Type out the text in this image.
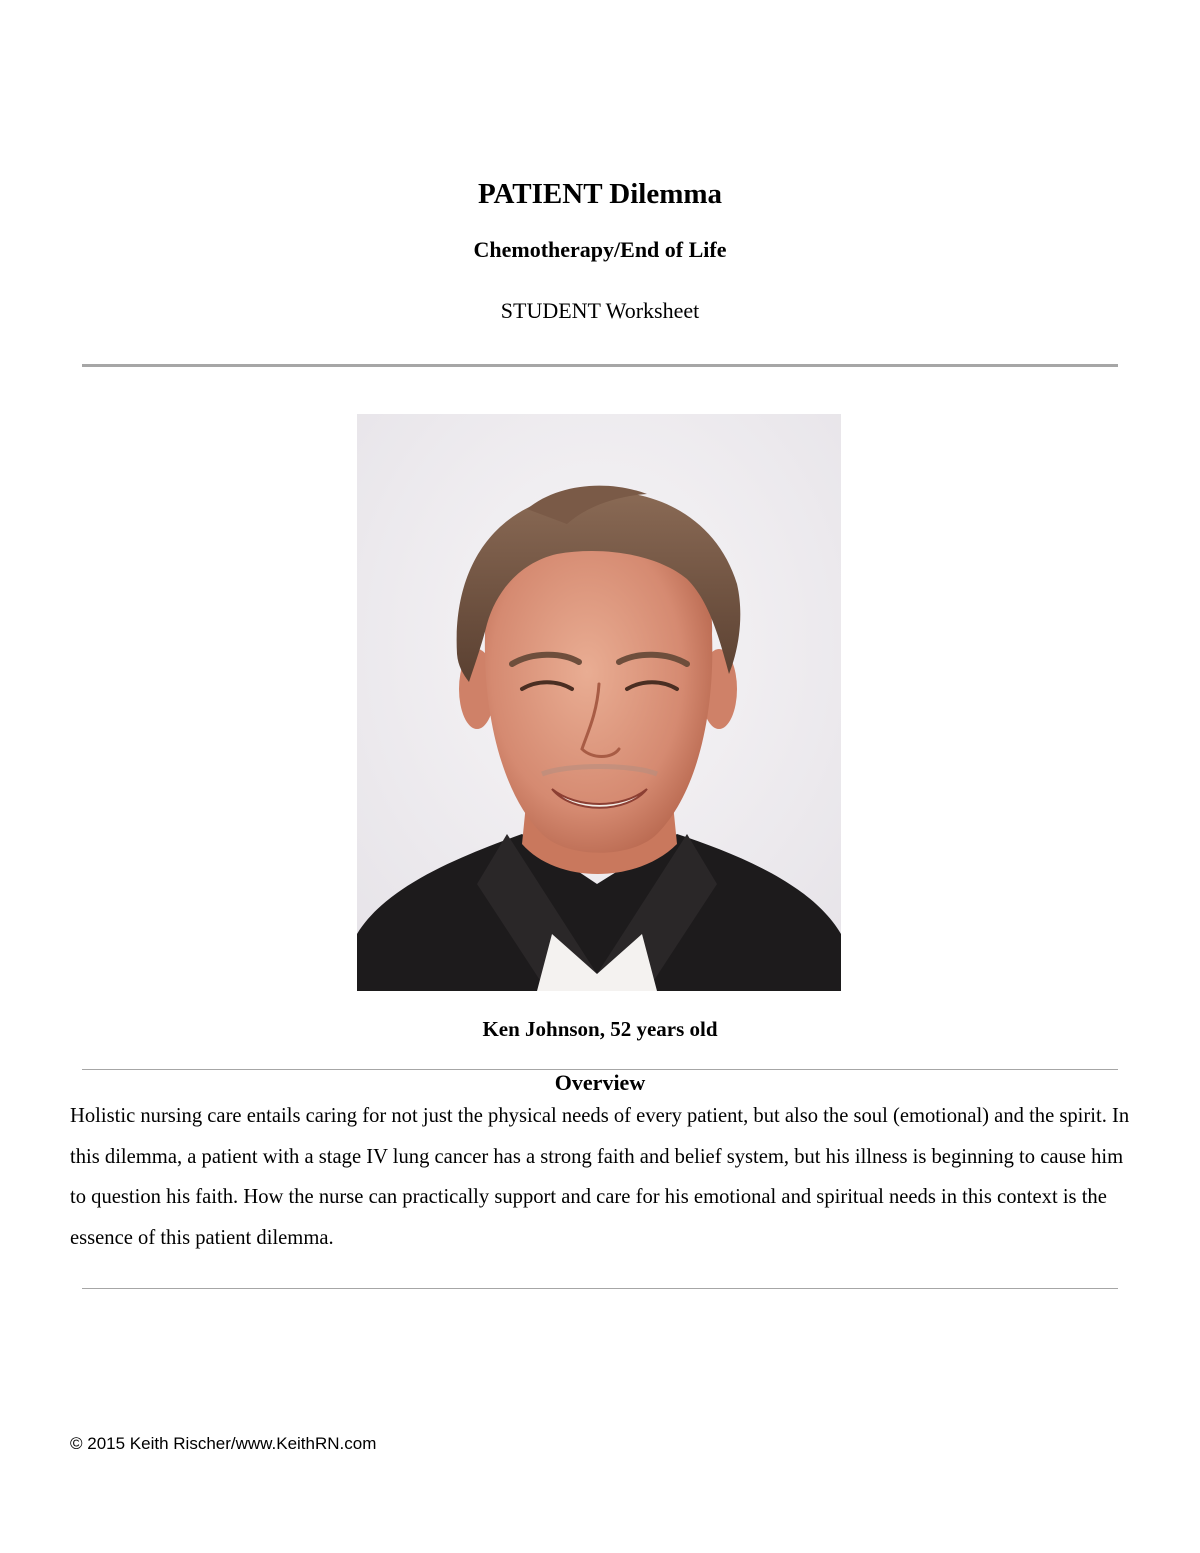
PATIENT Dilemma
Chemotherapy/End of Life

STUDENT Worksheet

Ken Johnson, 52 years old

Overview

Holistic nursing care entails caring for not just the physical needs of every patient, but also the soul (emotional) and the spirit. In this dilemma, a patient with a stage IV lung cancer has a strong faith and belief system, but his illness is beginning to cause him to question his faith. How the nurse can practically support and care for his emotional and spiritual needs in this context is the essence of this patient dilemma.

© 2015 Keith Rischer/www.KeithRN.com
